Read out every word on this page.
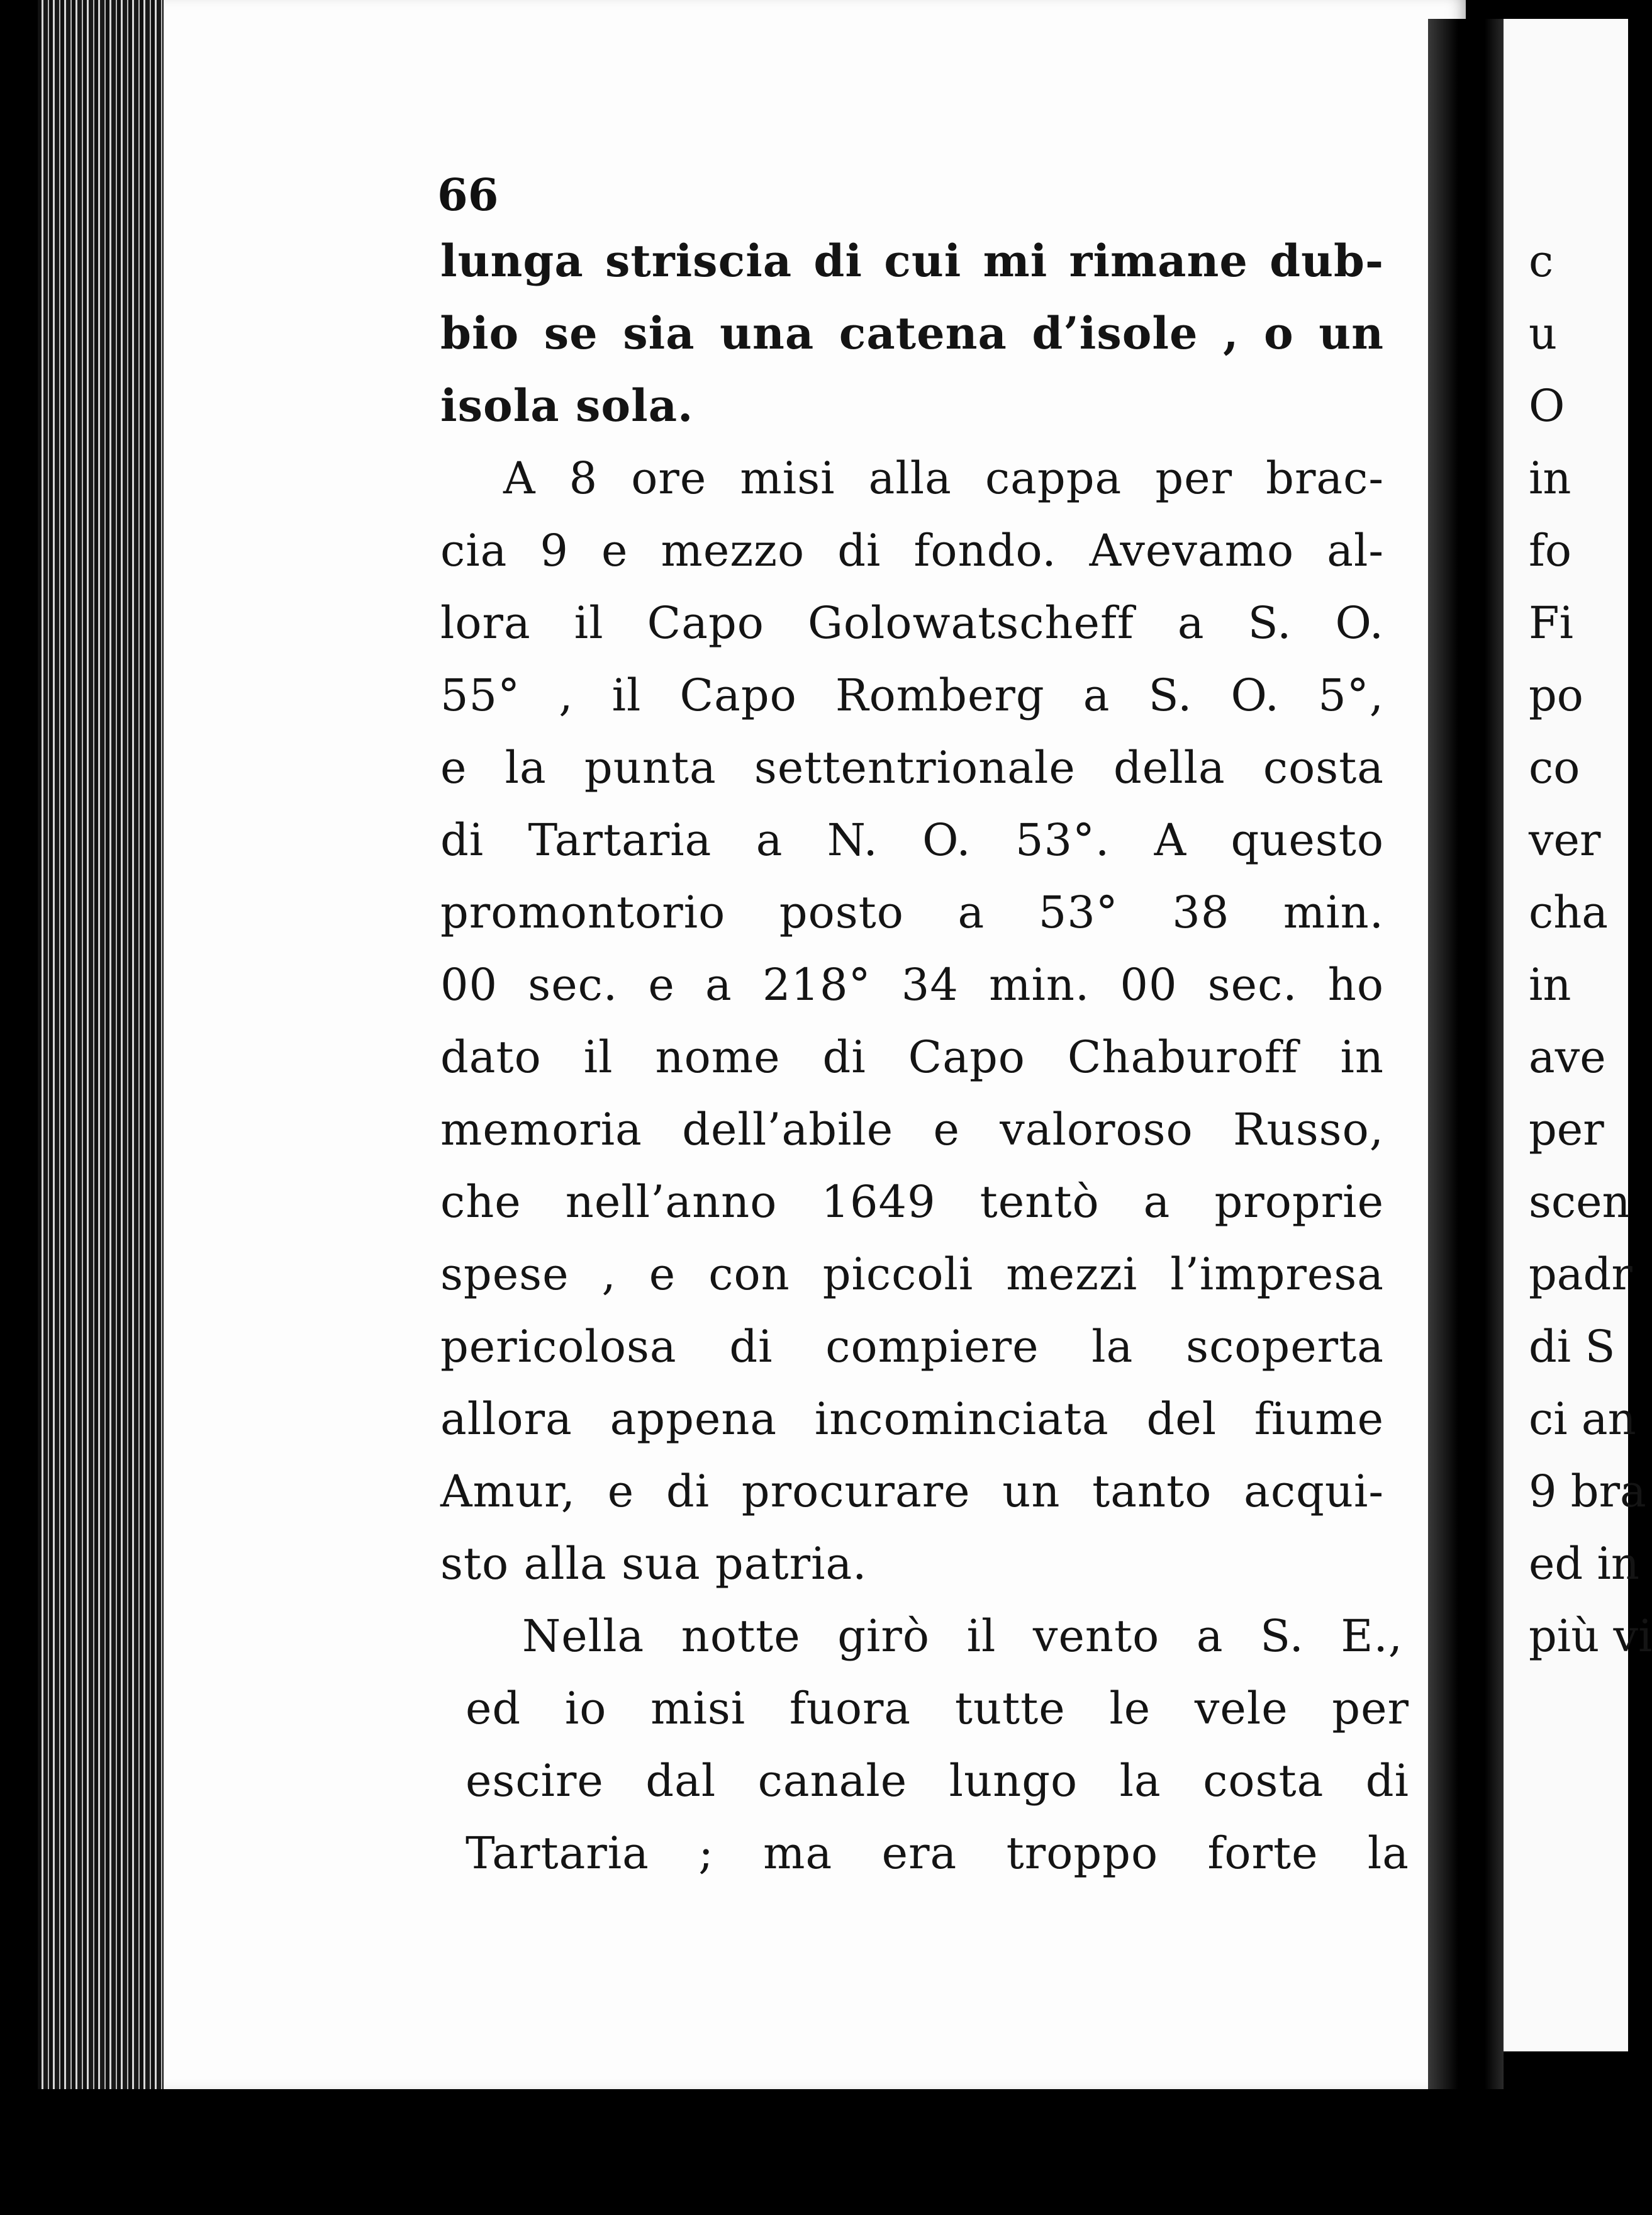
66
lunga striscia di cui mi rimane dub-
bio se sia una catena d’isole , o un
isola sola.
A 8 ore misi alla cappa per brac-
cia 9 e mezzo di fondo. Avevamo al-
lora il Capo Golowatscheff a S. O.
55° , il Capo Romberg a S. O. 5°,
e la punta settentrionale della costa
di Tartaria a N. O. 53°. A questo
promontorio posto a 53° 38 min.
00 sec. e a 218° 34 min. 00 sec. ho
dato il nome di Capo Chaburoff in
memoria dell’abile e valoroso Russo,
che nell’anno 1649 tentò a proprie
spese , e con piccoli mezzi l’impresa
pericolosa di compiere la scoperta
allora appena incominciata del fiume
Amur, e di procurare un tanto acqui-
sto alla sua patria.
Nella notte girò il vento a S. E.,
ed io misi fuora tutte le vele per
escire dal canale lungo la costa di
Tartaria ; ma era troppo forte la
c
u
O
in
fo
Fi
po
co
ver
cha
in
ave
per
scen
padr
di S
ci an
9 bra
ed in
più vi
